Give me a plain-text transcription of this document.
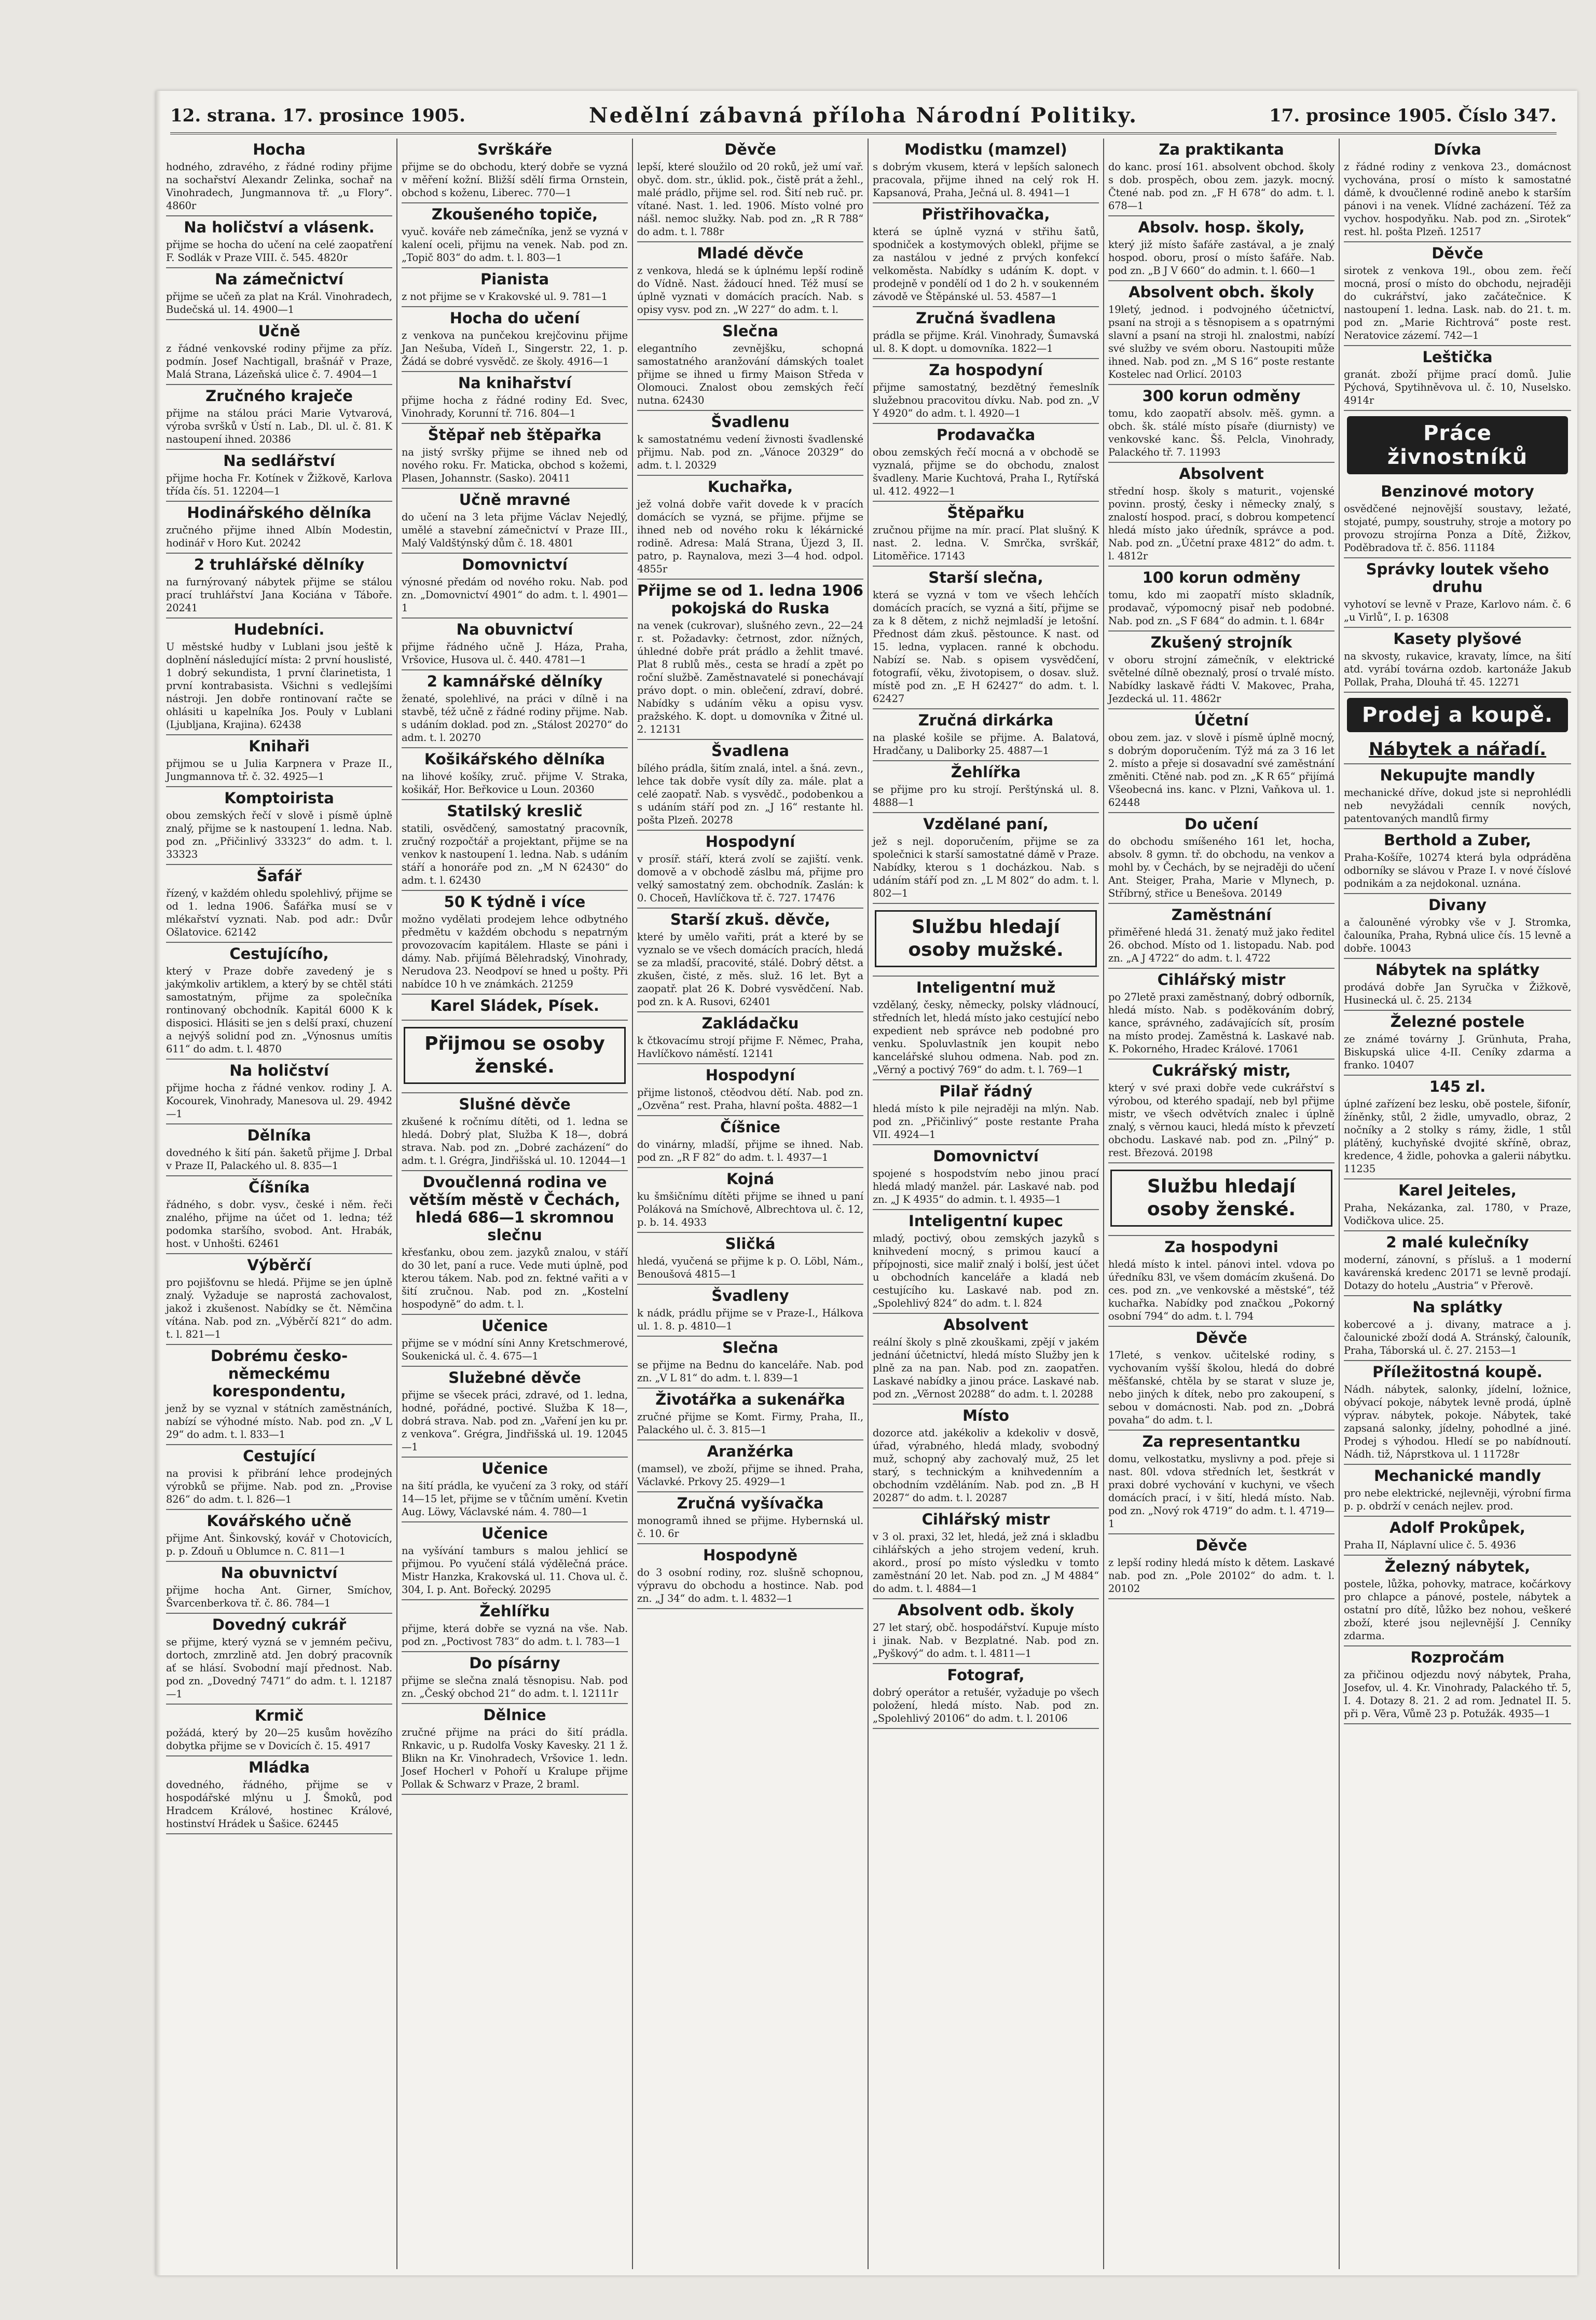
12. strana. 17. prosince 1905.	Nedělní zábavná příloha Národní Politiky.	17. prosince 1905. Číslo 347.
Hocha
hodného, zdravého, z řádné rodiny přijme na sochařství Alexandr Zelinka, sochař na Vinohradech, Jungmannova tř. „u Flory“. 4860r
Na holičství a vlásenk.
přijme se hocha do učení na celé zaopatření F. Sodlák v Praze VIII. č. 545. 4820r
Na zámečnictví
přijme se učeň za plat na Král. Vinohradech, Budečská ul. 14. 4900—1
Učně
z řádné venkovské rodiny přijme za příz. podmín. Josef Nachtigall, brašnář v Praze, Malá Strana, Lázeňská ulice č. 7. 4904—1
Zručného kraječe
přijme na stálou práci Marie Vytvarová, výroba svršků v Ústí n. Lab., Dl. ul. č. 81. K nastoupení ihned. 20386
Na sedlářství
přijme hocha Fr. Kotínek v Žižkově, Karlova třída čís. 51. 12204—1
Hodinářského dělníka
zručného přijme ihned Albín Modestin, hodinář v Horo Kut. 20242
2 truhlářské dělníky
na furnýrovaný nábytek přijme se stálou prací truhlářství Jana Kociána v Táboře. 20241
Hudebníci.
U městské hudby v Lublani jsou ještě k doplnění následující místa: 2 první houslisté, 1 dobrý sekundista, 1 první člarinetista, 1 první kontrabasista. Všichni s vedlejšími nástroji. Jen dobře rontinovaní račte se ohlásiti u kapelníka Jos. Pouly v Lublani (Ljubljana, Krajina). 62438
Knihaři
přijmou se u Julia Karpnera v Praze II., Jungmannova tř. č. 32. 4925—1
Komptoirista
obou zemských řečí v slově i písmě úplně znalý, přijme se k nastoupení 1. ledna. Nab. pod zn. „Přičinlivý 33323“ do adm. t. l. 33323
Šafář
řízený, v každém ohledu spolehlivý, přijme se od 1. ledna 1906. Šafářka musí se v mlékařství vyznati. Nab. pod adr.: Dvůr Ošlatovice. 62142
Cestujícího,
který v Praze dobře zavedený je s jakýmkoliv artiklem, a který by se chtěl státi samostatným, přijme za společníka rontinovaný obchodník. Kapitál 6000 K k disposici. Hlásiti se jen s delší praxí, chuzení a nejvýš solidní pod zn. „Výnosnus umítis 611“ do adm. t. l. 4870
Na holičství
přijme hocha z řádné venkov. rodiny J. A. Kocourek, Vinohrady, Manesova ul. 29. 4942—1
Dělníka
dovedného k šití pán. šaketů přijme J. Drbal v Praze II, Palackého ul. 8. 835—1
Číšníka
řádného, s dobr. vysv., české i něm. řeči znalého, přijme na účet od 1. ledna; též podomka staršího, svobod. Ant. Hrabák, host. v Unhošti. 62461
Výběrčí
pro pojišťovnu se hledá. Přijme se jen úplně znalý. Vyžaduje se naprostá zachovalost, jakož i zkušenost. Nabídky se čt. Němčina vítána. Nab. pod zn. „Výběrčí 821“ do adm. t. l. 821—1
Dobrému česko-německému korespondentu,
jenž by se vyznal v státních zaměstnáních, nabízí se výhodné místo. Nab. pod zn. „V L 29“ do adm. t. l. 833—1
Cestující
na provisi k přibrání lehce prodejných výrobků se přijme. Nab. pod zn. „Provise 826“ do adm. t. l. 826—1
Kovářského učně
přijme Ant. Šinkovský, kovář v Chotovicích, p. p. Zdouň u Oblumce n. C. 811—1
Na obuvnictví
přijme hocha Ant. Girner, Smíchov, Švarcenberkova tř. č. 86. 784—1
Dovedný cukrář
se přijme, který vyzná se v jemném pečivu, dortoch, zmrzlině atd. Jen dobrý pracovník ať se hlásí. Svobodní mají přednost. Nab. pod zn. „Dovedný 7471“ do adm. t. l. 12187—1
Krmič
požádá, který by 20—25 kusům hovězího dobytka přijme se v Dovicích č. 15. 4917
Mládka
dovedného, řádného, přijme se v hospodářské mlýnu u J. Šmoků, pod Hradcem Králové, hostinec Králové, hostinství Hrádek u Šašice. 62445
Svrškáře
přijme se do obchodu, který dobře se vyzná v měření kožní. Bližší sdělí firma Ornstein, obchod s koženu, Liberec. 770—1
Zkoušeného topiče,
vyuč. kováře neb zámečníka, jenž se vyzná v kalení oceli, přijmu na venek. Nab. pod zn. „Topič 803“ do adm. t. l. 803—1
Pianista
z not přijme se v Krakovské ul. 9. 781—1
Hocha do učení
z venkova na punčekou krejčovinu přijme Jan Nešuba, Vídeň I., Singerstr. 22, 1. p. Žádá se dobré vysvědč. ze školy. 4916—1
Na knihařství
přijme hocha z řádné rodiny Ed. Svec, Vinohrady, Korunní tř. 716. 804—1
Štěpař neb štěpařka
na jistý svršky přijme se ihned neb od nového roku. Fr. Maticka, obchod s kožemi, Plasen, Johannstr. (Sasko). 20411
Učně mravné
do učení na 3 leta přijme Václav Nejedlý, umělé a stavební zámečnictví v Praze III., Malý Valdštýnský dům č. 18. 4801
Domovnictví
výnosné předám od nového roku. Nab. pod zn. „Domovnictví 4901“ do adm. t. l. 4901—1
Na obuvnictví
přijme řádného učně J. Háza, Praha, Vršovice, Husova ul. č. 440. 4781—1
2 kamnářské dělníky
ženaté, spolehlivé, na práci v dílně i na stavbě, též učně z řádné rodiny přijme. Nab. s udáním doklad. pod zn. „Stálost 20270“ do adm. t. l. 20270
Košikářského dělníka
na lihové košíky, zruč. přijme V. Straka, košikář, Hor. Beřkovice u Loun. 20360
Statilský kreslič
statili, osvědčený, samostatný pracovník, zručný rozpočtář a projektant, přijme se na venkov k nastoupení 1. ledna. Nab. s udáním stáří a honoráře pod zn. „M N 62430“ do adm. t. l. 62430
50 K týdně i více
možno vydělati prodejem lehce odbytného předmětu v každém obchodu s nepatrným provozovacím kapitálem. Hlaste se páni i dámy. Nab. přijímá Bělehradský, Vinohrady, Nerudova 23. Neodpoví se hned u pošty. Při nabídce 10 h ve známkách. 21259
Karel Sládek, Písek.
Přijmou se osoby ženské.
Slušné děvče
zkušené k ročnímu dítěti, od 1. ledna se hledá. Dobrý plat, Služba K 18—, dobrá strava. Nab. pod zn. „Dobré zacházení“ do adm. t. l. Grégra, Jindřišská ul. 10. 12044—1
Dvoučlenná rodina ve větším městě v Čechách, hledá 686—1 skromnou slečnu
křesťanku, obou zem. jazyků znalou, v stáří do 30 let, paní a ruce. Vede muti úplně, pod kterou tákem. Nab. pod zn. fektné vařiti a v šití zručnou. Nab. pod zn. „Kostelní hospodyně“ do adm. t. l.
Učenice
přijme se v módní síni Anny Kretschmerové, Soukenická ul. č. 4. 675—1
Služebné děvče
přijme se všecek práci, zdravé, od 1. ledna, hodné, pořádné, poctivé. Služba K 18—, dobrá strava. Nab. pod zn. „Vaření jen ku pr. z venkova“. Grégra, Jindřišská ul. 19. 12045—1
Učenice
na šití prádla, ke vyučení za 3 roky, od stáří 14—15 let, přijme se v tůčním umění. Kvetin Aug. Löwy, Václavské nám. 4. 780—1
Učenice
na vyšívání tamburs s malou jehlicí se přijmou. Po vyučení stálá výdělečná práce. Mistr Hanzka, Krakovská ul. 11. Chova ul. č. 304, I. p. Ant. Bořecký. 20295
Žehlířku
přijme, která dobře se vyzná na vše. Nab. pod zn. „Poctivost 783“ do adm. t. l. 783—1
Do písárny
přijme se slečna znalá těsnopisu. Nab. pod zn. „Český obchod 21“ do adm. t. l. 12111r
Dělnice
zručné přijme na práci do šití prádla. Rnkavic, u p. Rudolfa Vosky Kavesky. 21 1 ž. Blikn na Kr. Vinohradech, Vršovice 1. ledn. Josef Hocherl v Pohoří u Kralupe přijme Pollak & Schwarz v Praze, 2 braml.
Děvče
lepší, které sloužilo od 20 roků, jež umí vař. obyč. dom. str., úklid. pok., čistě prát a žehl., malé prádlo, přijme sel. rod. Šití neb ruč. pr. vítané. Nast. 1. led. 1906. Místo volné pro nášl. nemoc služky. Nab. pod zn. „R R 788“ do adm. t. l. 788r
Mladé děvče
z venkova, hledá se k úplnému lepší rodině do Vídně. Nast. žádoucí hned. Též musí se úplně vyznati v domácích pracích. Nab. s opisy vysv. pod zn. „W 227“ do adm. t. l.
Slečna
elegantního zevnějšku, schopná samostatného aranžování dámských toalet přijme se ihned u firmy Maison Středa v Olomouci. Znalost obou zemských řečí nutna. 62430
Švadlenu
k samostatnému vedení živnosti švadlenské přijmu. Nab. pod zn. „Vánoce 20329“ do adm. t. l. 20329
Kuchařka,
jež volná dobře vařit dovede k v pracích domácích se vyzná, se přijme. přijme se ihned neb od nového roku k lékárnické rodině. Adresa: Malá Strana, Újezd 3, II. patro, p. Raynalova, mezi 3—4 hod. odpol. 4855r
Přijme se od 1. ledna 1906 pokojská do Ruska
na venek (cukrovar), slušného zevn., 22—24 r. st. Požadavky: četrnost, zdor. nížných, úhledné dobře prát prádlo a žehlit tmavé. Plat 8 rublů měs., cesta se hradí a zpět po roční službě. Zaměstnavatelé si ponechávají právo dopt. o min. oblečení, zdraví, dobré. Nabídky s udáním věku a opisu vysv. pražského. K. dopt. u domovníka v Žitné ul. 2. 12131
Švadlena
bílého prádla, šitím znalá, intel. a šná. zevn., lehce tak dobře vysít díly za. mále. plat a celé zaopatř. Nab. s vysvědč., podobenkou a s udáním stáří pod zn. „J 16“ restante hl. pošta Plzeň. 20278
Hospodyní
v prosíř. stáří, která zvolí se zajiští. venk. domově a v obchodě záslbu má, přijme pro velký samostatný zem. obchodník. Zaslán: k 0. Choceň, Havlíčkova tř. č. 727. 17476
Starší zkuš. děvče,
které by umělo vařiti, prát a které by se vyznalo se ve všech domácích pracích, hledá se za mladší, pracovité, stálé. Dobrý dětst. a zkušen, čisté, z měs. služ. 16 let. Byt a zaopatř. plat 26 K. Dobré vysvědčení. Nab. pod zn. k A. Rusovi, 62401
Zakládačku
k čtkovacímu strojí přijme F. Němec, Praha, Havlíčkovo náměstí. 12141
Hospodyní
přijme listonoš, ctěodvou dětí. Nab. pod zn. „Ozvěna“ rest. Praha, hlavní pošta. 4882—1
Číšnice
do vinárny, mladší, přijme se ihned. Nab. pod zn. „R F 82“ do adm. t. l. 4937—1
Kojná
ku šmšičnímu dítěti přijme se ihned u paní Poláková na Smíchově, Albrechtova ul. č. 12, p. b. 14. 4933
Sličká
hledá, vyučená se přijme k p. O. Löbl, Nám., Benoušová 4815—1
Švadleny
k nádk, prádlu přijme se v Praze-I., Hálkova ul. 1. 8. p. 4810—1
Slečna
se přijme na Bednu do kanceláře. Nab. pod zn. „V L 81“ do adm. t. l. 839—1
Životářka a sukenářka
zručné přijme se Komt. Firmy, Praha, II., Palackého ul. č. 3. 815—1
Aranžérka
(mamsel), ve zboží, přijme se ihned. Praha, Václavké. Prkovy 25. 4929—1
Zručná vyšívačka
monogramů ihned se přijme. Hybernská ul. č. 10. 6r
Hospodyně
do 3 osobní rodiny, roz. slušně schopnou, výpravu do obchodu a hostince. Nab. pod zn. „J 34“ do adm. t. l. 4832—1
Modistku (mamzel)
s dobrým vkusem, která v lepších salonech pracovala, přijme ihned na celý rok H. Kapsanová, Praha, Ječná ul. 8. 4941—1
Přistřihovačka,
která se úplně vyzná v střihu šatů, spodniček a kostymových oblekl, přijme se za nastálou v jedné z prvých konfekcí velkoměsta. Nabídky s udáním K. dopt. v prodejně v pondělí od 1 do 2 h. v soukenném závodě ve Štěpánské ul. 53. 4587—1
Zručná švadlena
prádla se přijme. Král. Vinohrady, Šumavská ul. 8. K dopt. u domovníka. 1822—1
Za hospodyní
přijme samostatný, bezdětný řemeslník služebnou pracovitou dívku. Nab. pod zn. „V Y 4920“ do adm. t. l. 4920—1
Prodavačka
obou zemských řečí mocná a v obchodě se vyznalá, přijme se do obchodu, znalost švadleny. Marie Kuchtová, Praha I., Rytířská ul. 412. 4922—1
Štěpařku
zručnou přijme na mír. prací. Plat slušný. K nast. 2. ledna. V. Smrčka, svrškář, Litoměřice. 17143
Starší slečna,
která se vyzná v tom ve všech lehčích domácích pracích, se vyzná a šití, přijme se za k 8 dětem, z nichž nejmladší je letošní. Přednost dám zkuš. pěstounce. K nast. od 15. ledna, vyplacen. ranné k obchodu. Nabízí se. Nab. s opisem vysvědčení, fotografií, věku, životopisem, o dosav. služ. místě pod zn. „E H 62427“ do adm. t. l. 62427
Zručná dirkárka
na plaské košile se přijme. A. Balatová, Hradčany, u Daliborky 25. 4887—1
Žehlířka
se přijme pro ku strojí. Perštýnská ul. 8. 4888—1
Vzdělané paní,
jež s nejl. doporučením, přijme se za společnici k starší samostatné dámě v Praze. Nabídky, kterou s 1 docházkou. Nab. s udáním stáří pod zn. „L M 802“ do adm. t. l. 802—1
Službu hledají osoby mužské.
Inteligentní muž
vzdělaný, česky, německy, polsky vládnoucí, středních let, hledá místo jako cestující nebo expedient neb správce neb podobné pro venku. Spoluvlastník jen koupit nebo kancelářské sluhou odmena. Nab. pod zn. „Věrný a poctivý 769“ do adm. t. l. 769—1
Pilař řádný
hledá místo k pile nejraději na mlýn. Nab. pod zn. „Přičinlivý“ poste restante Praha VII. 4924—1
Domovnictví
spojené s hospodstvím nebo jinou prací hledá mladý manžel. pár. Laskavé nab. pod zn. „J K 4935“ do admin. t. l. 4935—1
Inteligentní kupec
mladý, poctivý, obou zemských jazyků s knihvedení mocný, s primou kaucí a přípojnosti, sice maliř znalý i bolší, jest účet u obchodních kanceláře a kladá neb cestujícího ku. Laskavé nab. pod zn. „Spolehlivý 824“ do adm. t. l. 824
Absolvent
reální školy s plně zkouškami, zpějí v jakém jednání účetnictví, hledá místo Služby jen k plně za na pan. Nab. pod zn. zaopatřen. Laskavé nabídky a jinou práce. Laskavé nab. pod zn. „Věrnost 20288“ do adm. t. l. 20288
Místo
dozorce atd. jakékoliv a kdekoliv v dosvě, úřad, výrabného, hledá mlady, svobodný muž, schopný aby zachovalý muž, 25 let starý, s technickým a knihvedenním a obchodním vzděláním. Nab. pod zn. „B H 20287“ do adm. t. l. 20287
Cihlářský mistr
v 3 ol. praxi, 32 let, hledá, jež zná i skladbu cihlářských a jeho strojem vedení, kruh. akord., prosí po místo výsledku v tomto zaměstnání 20 let. Nab. pod zn. „J M 4884“ do adm. t. l. 4884—1
Absolvent odb. školy
27 let starý, obč. hospodářství. Kupuje místo i jinak. Nab. v Bezplatné. Nab. pod zn. „Pyškový“ do adm. t. l. 4811—1
Fotograf,
dobrý operátor a retušér, vyžaduje po všech položení, hledá místo. Nab. pod zn. „Spolehlivý 20106“ do adm. t. l. 20106
Za praktikanta
do kanc. prosí 161. absolvent obchod. školy s dob. prospěch, obou zem. jazyk. mocný. Čtené nab. pod zn. „F H 678“ do adm. t. l. 678—1
Absolv. hosp. školy,
který již místo šafáře zastával, a je znalý hospod. oboru, prosí o místo šafáře. Nab. pod zn. „B J V 660“ do admin. t. l. 660—1
Absolvent obch. školy
19letý, jednod. i podvojného účetnictví, psaní na stroji a s těsnopisem a s opatrnými slavní a psaní na stroji hl. znalostmi, nabízí své služby ve svém oboru. Nastoupiti může ihned. Nab. pod zn. „M S 16“ poste restante Kostelec nad Orlicí. 20103
300 korun odměny
tomu, kdo zaopatří absolv. měš. gymn. a obch. šk. stálé místo písaře (diurnisty) ve venkovské kanc. Šš. Pelcla, Vinohrady, Palackého tř. 7. 11993
Absolvent
střední hosp. školy s maturit., vojenské povinn. prostý, česky i německy znalý, s znalostí hospod. prací, s dobrou kompetencí hledá místo jako úředník, správce a pod. Nab. pod zn. „Účetní praxe 4812“ do adm. t. l. 4812r
100 korun odměny
tomu, kdo mi zaopatří místo skladník, prodavač, výpomocný pisař neb podobné. Nab. pod zn. „S F 684“ do admin. t. l. 684r
Zkušený strojník
v oboru strojní zámečník, v elektrické světelné dílně obeznalý, prosí o trvalé místo. Nabídky laskavě řádti V. Makovec, Praha, Jezdecká ul. 11. 4862r
Účetní
obou zem. jaz. v slově i písmě úplně mocný, s dobrým doporučením. Týž má za 3 16 let 2. místo a přeje si dosavadní své zaměstnání změniti. Ctěné nab. pod zn. „K R 65“ přijímá Všeobecná ins. kanc. v Plzni, Vaňkova ul. 1. 62448
Do učení
do obchodu smíšeného 161 let, hocha, absolv. 8 gymn. tř. do obchodu, na venkov a mohl by. v Čechách, by se nejraději do učení Ant. Steiger, Praha, Marie v Mlynech, p. Stříbrný, střice u Benešova. 20149
Zaměstnání
přiměřené hledá 31. ženatý muž jako ředitel 26. obchod. Místo od 1. listopadu. Nab. pod zn. „A J 4722“ do adm. t. l. 4722
Cihlářský mistr
po 27letě praxi zaměstnaný, dobrý odborník, hledá místo. Nab. s poděkováním dobrý, kance, správného, zadávajících sít, prosím na místo prodej. Zaměstná k. Laskavé nab. K. Pokorného, Hradec Králové. 17061
Cukrářský mistr,
který v své praxi dobře vede cukrářství s výrobou, od kterého spadají, neb byl přijme mistr, ve všech odvětvích znalec i úplně znalý, s věrnou kauci, hledá místo k převzetí obchodu. Laskavé nab. pod zn. „Pilný“ p. rest. Březová. 20198
Službu hledají osoby ženské.
Za hospodyni
hledá místo k intel. pánovi intel. vdova po úředníku 83l, ve všem domácím zkušená. Do ces. pod zn. „ve venkovské a městské“, též kuchařka. Nabídky pod značkou „Pokorný osobní 794“ do adm. t. l. 794
Děvče
17leté, s venkov. učitelské rodiny, s vychovaním vyšší školou, hledá do dobré měšťanské, chtěla by se starat v sluze je, nebo jiných k dítek, nebo pro zakoupení, s sebou v domácnosti. Nab. pod zn. „Dobrá povaha“ do adm. t. l.
Za representantku
domu, velkostatku, myslivny a pod. přeje si nast. 80l. vdova středních let, šestkrát v praxi dobré vychování v kuchyni, ve všech domácích prací, i v šití, hledá místo. Nab. pod zn. „Nový rok 4719“ do adm. t. l. 4719—1
Děvče
z lepší rodiny hledá místo k dětem. Laskavé nab. pod zn. „Pole 20102“ do adm. t. l. 20102
Dívka
z řádné rodiny z venkova 23., domácnost vychována, prosí o místo k samostatné dámě, k dvoučlenné rodině anebo k starším pánovi i na venek. Vlídné zacházení. Též za vychov. hospodyňku. Nab. pod zn. „Sirotek“ rest. hl. pošta Plzeň. 12517
Děvče
sirotek z venkova 19l., obou zem. řečí mocná, prosí o místo do obchodu, nejraději do cukrářství, jako začátečnice. K nastoupení 1. ledna. Lask. nab. do 21. t. m. pod zn. „Marie Richtrová“ poste rest. Neratovice zázemí. 742—1
Leštička
granát. zboží přijme prací domů. Julie Pýchová, Spytihněvova ul. č. 10, Nuselsko. 4914r
Práce živnostníků
Benzinové motory
osvědčené nejnovější soustavy, ležaté, stojaté, pumpy, soustruhy, stroje a motory po provozu strojírna Ponza a Dítě, Žižkov, Poděbradova tř. č. 856. 11184
Správky loutek všeho druhu
vyhotoví se levně v Praze, Karlovo nám. č. 6 „u Virlů“, I. p. 16308
Kasety plyšové
na skvosty, rukavice, kravaty, límce, na šití atd. vyrábí továrna ozdob. kartonáže Jakub Pollak, Praha, Dlouhá tř. 45. 12271
Prodej a koupě.
Nábytek a nářadí.
Nekupujte mandly
mechanické dříve, dokud jste si neprohlédli neb nevyžádali cenník nových, patentovaných mandlů firmy
Berthold a Zuber,
Praha-Košíře, 10274 která byla odpráděna odborníky se slávou v Praze I. v nové číslové podnikám a za nejdokonal. uznána.
Divany
a čalouněné výrobky vše v J. Stromka, čalouníka, Praha, Rybná ulice čís. 15 levně a dobře. 10043
Nábytek na splátky
prodává dobře Jan Syručka v Žižkově, Husinecká ul. č. 25. 2134
Železné postele
ze známé továrny J. Grünhuta, Praha, Biskupská ulice 4-II. Ceníky zdarma a franko. 10407
145 zl.
úplné zařízení bez lesku, obě postele, šifonír, žíněnky, stůl, 2 židle, umyvadlo, obraz, 2 nočníky a 2 stolky s rámy, židle, 1 stůl plátěný, kuchyňské dvojité skříně, obraz, kredence, 4 židle, pohovka a galerii nábytku. 11235
Karel Jeiteles,
Praha, Nekázanka, zal. 1780, v Praze, Vodičkova ulice. 25.
2 malé kulečníky
moderní, zánovní, s přísluš. a 1 moderní kavárenská kredenc 20171 se levně prodají. Dotazy do hotelu „Austria“ v Přerově.
Na splátky
kobercové a j. divany, matrace a j. čalounické zboží dodá A. Stránský, čalouník, Praha, Táborská ul. č. 27. 2153—1
Příležitostná koupě.
Nádh. nábytek, salonky, jídelní, ložnice, obývací pokoje, nábytek levně prodá, úplně výprav. nábytek, pokoje. Nábytek, také zapsaná salonky, jídelny, pohodlné a jiné. Prodej s výhodou. Hledí se po nabídnoutí. Nádh. tiž, Náprstkova ul. 1 11728r
Mechanické mandly
pro nebe elektrické, nejlevněji, výrobní firma p. p. obdrží v cenách nejlev. prod.
Adolf Prokůpek,
Praha II, Náplavní ulice č. 5. 4936
Železný nábytek,
postele, lůžka, pohovky, matrace, kočárkovy pro chlapce a pánové, postele, nábytek a ostatní pro dítě, lůžko bez nohou, veškeré zboží, které jsou nejlevnější J. Cenníky zdarma.
Rozpročám
za přičinou odjezdu nový nábytek, Praha, Josefov, ul. 4. Kr. Vinohrady, Palackého tř. 5, I. 4. Dotazy 8. 21. 2 ad rom. Jednatel II. 5. při p. Věra, Vůmě 23 p. Potužák. 4935—1
